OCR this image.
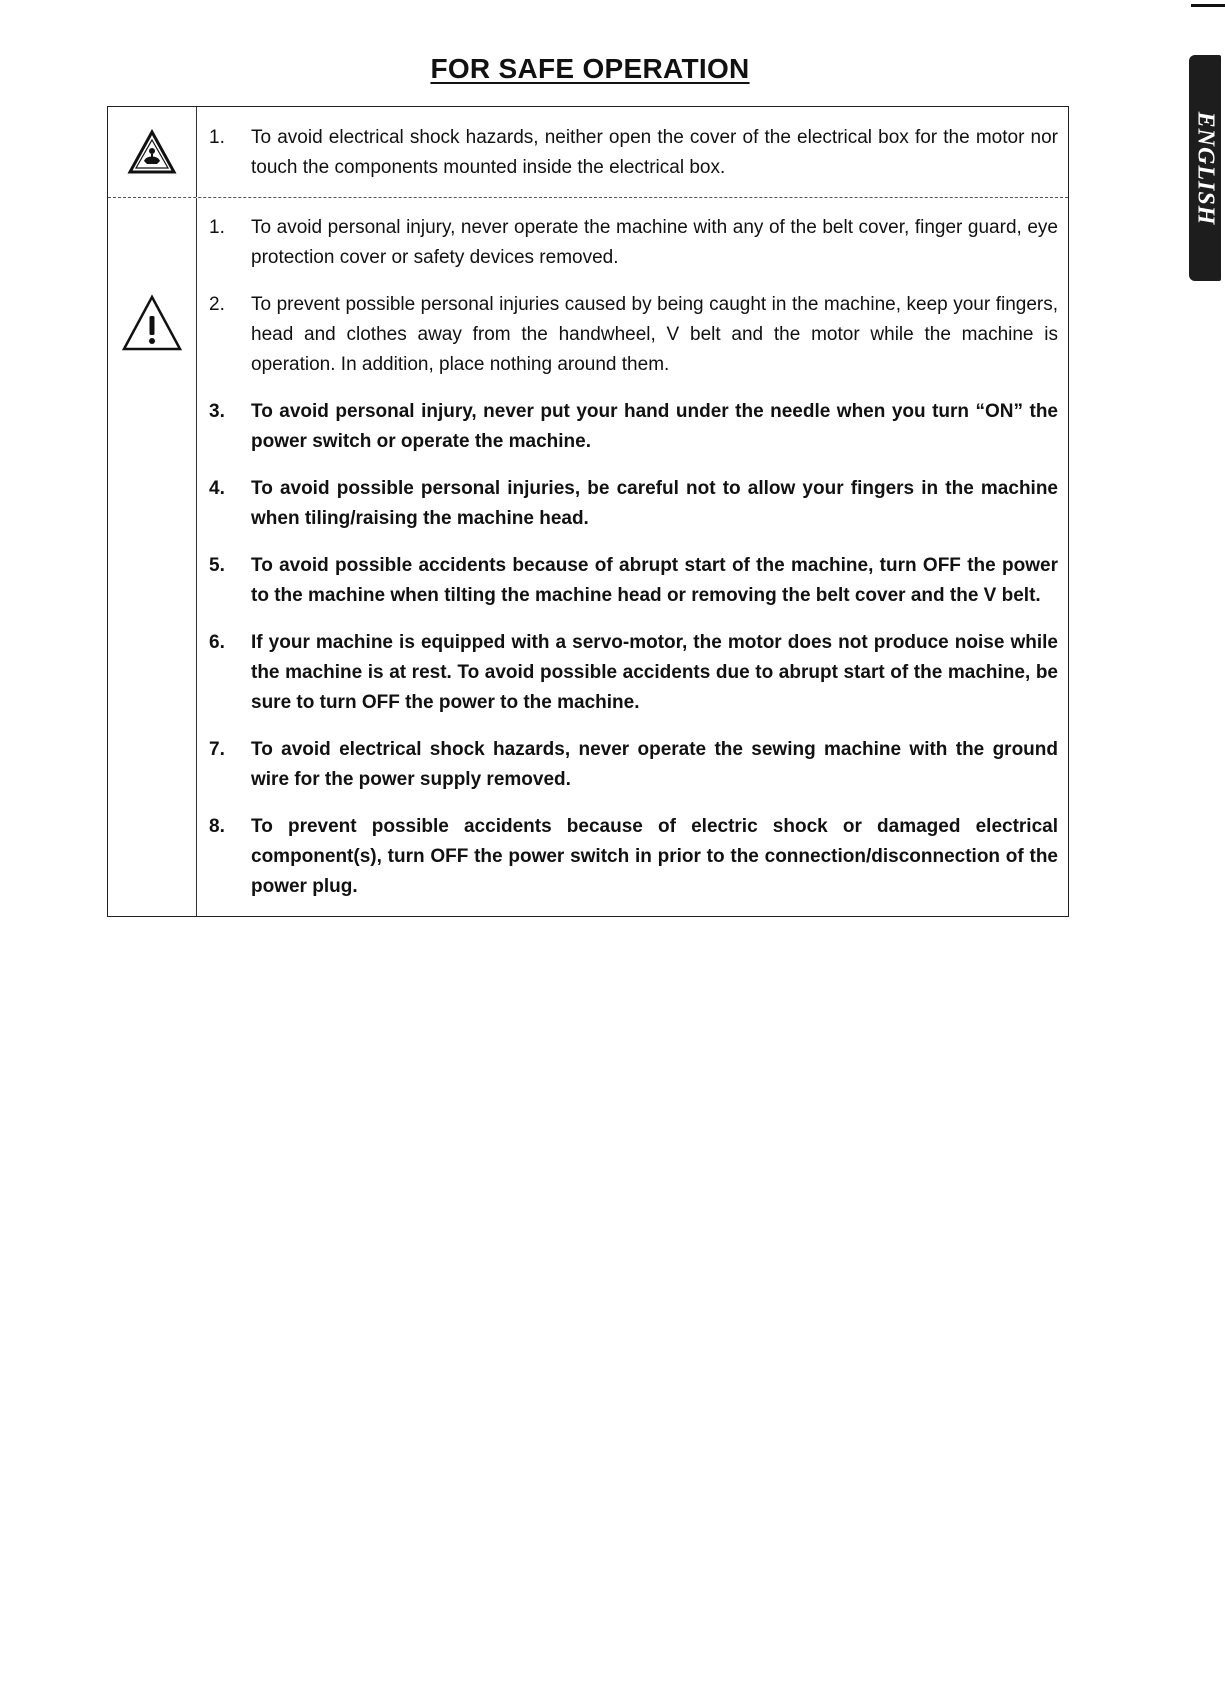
FOR SAFE OPERATION
ENGLISH
1.	To avoid electrical shock hazards, neither open the cover of the electrical box for the motor nor touch the components mounted inside the electrical box.
1.	To avoid personal injury, never operate the machine with any of the belt cover, finger guard, eye protection cover or safety devices removed.
2.	To prevent possible personal injuries caused by being caught in the machine, keep your fingers, head and clothes away from the handwheel, V belt and the motor while the machine is operation. In addition, place nothing around them.
3.	To avoid personal injury, never put your hand under the needle when you turn “ON” the power switch or operate the machine.
4.	To avoid possible personal injuries, be careful not to allow your fingers in the machine when tiling/raising the machine head.
5.	To avoid possible accidents because of abrupt start of the machine, turn OFF the power to the machine when tilting the machine head or removing the belt cover and the V belt.
6.	If your machine is equipped with a servo-motor, the motor does not produce noise while the machine is at rest. To avoid possible accidents due to abrupt start of the machine, be sure to turn OFF the power to the machine.
7.	To avoid electrical shock hazards, never operate the sewing machine with the ground wire for the power supply removed.
8.	To prevent possible accidents because of electric shock or damaged electrical component(s), turn OFF the power switch in prior to the connection/disconnection of the power plug.
